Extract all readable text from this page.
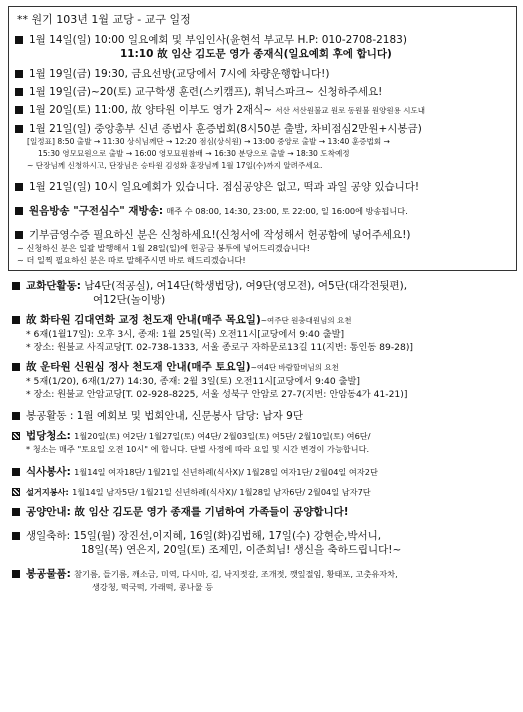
** 원기 103년 1월 교당 - 교구 일정
1월 14일(일) 10:00 일요예회 및 부임인사(윤현석 부교무 H.P: 010-2708-2183)
11:10 故 임산 김도문 영가 종재식(일요예회 후에 합니다)
1월 19일(금) 19:30, 금요선방(교당에서 7시에 차량운행합니다!)
1월 19일(금)~20(토) 교구학생 훈련(스키캠프), 휘닉스파크~ 신청하주세요!
1월 20일(토) 11:00, 故 양타원 이부도 영가 2재식~ 서산 서산원불교 원로 동원불 원양원용 시도내
1월 21일(일) 중앙총부 신년 종법사 훈증법회(8시50분 출발, 차비점심2만원+시봉금)
[일정표] 8:50 출발 → 11:30 상식님께단 → 12:20 점심(상식원) → 13:00 중앙로 출발 → 13:40 훈증법회 →
15:30 영모묘원으로 출발 → 16:00 영모묘원참배 → 16:30 분당으로 출발 → 18:30 도착예정
~ 단장님께 신청하시고, 단장님은 승타원 김성화 훈장님께 1월 17일(수)까지 알려주세요.
1월 21일(일) 10시 일요예회가 있습니다. 점심공양은 없고, 떡과 과일 공양 있습니다!
원음방송 "구전심수" 재방송: 매주 수 08:00, 14:30, 23:00, 토 22:00, 일 16:00에 방송됩니다.
기부금영수증 필요하신 분은 신청하세요!(신청서에 작성해서 헌공함에 넣어주세요!)
~ 신청하신 분은 일괄 발행해서 1월 28일(일)에 헌공금 봉투에 넣어드리겠습니다!
~ 더 일찍 필요하신 분은 따로 말해주시면 바로 해드리겠습니다!
교화단활동: 남4단(적공실), 여14단(학생법당), 여9단(영모전), 여5단(대각전뒷편),
여12단(놀이방)
故 화타원 김대연화 교정 천도재 안내(매주 목요일)~여주단 원충대원님의 요천
* 6재(1월17일): 오후 3시, 종재: 1월 25일(목) 오전11시[교당에서 9:40 출발]
* 장소: 원불교 사직교당[T. 02-738-1333, 서울 종로구 자하문로13길 11(지번: 통인동 89-28)]
故 운타원 신원심 정사 천도재 안내(매주 토요일)~여4단 바람할머님의 요천
* 5재(1/20), 6재(1/27) 14:30, 종재: 2월 3일(토) 오전11시[교당에서 9:40 출발]
* 장소: 원불교 안암교당[T. 02-928-8225, 서울 성북구 안암로 27-7(지번: 안암동4가 41-21)]
봉공활동 : 1월 예회보 및 법회안내, 신문봉사 담당: 남자 9단
법당청소: 1월20일(토) 여2단/ 1월27일(토) 여4단/ 2월03일(토) 여5단/ 2월10일(토) 여6단/
* 청소는 매주 "토요일 오전 10시" 에 합니다. 단별 사정에 따라 요일 및 시간 변경이 가능합니다.
식사봉사: 1월14일 여자18단/ 1월21일 신년하례(식사X)/ 1월28일 여자1단/ 2월04일 여자2단
설거지봉사: 1월14일 남자5단/ 1월21일 신년하례(식사X)/ 1월28일 남자6단/ 2월04일 남자7단
공양안내: 故 임산 김도문 영가 종재를 기념하여 가족들이 공양합니다!
생일축하: 15일(월) 장진선,이지혜, 16일(화)김법해, 17일(수) 강현순,박서니,
18일(목) 연은지, 20일(토) 조제민, 이준희님! 생신을 축하드립니다!~
봉공물품: 참기름, 들기름, 깨소금, 미역, 다시마, 김, 낙지젓갈, 조개젓, 깻잎절임, 황태포, 고춧유자차,
생강청, 떡국떡, 가래떡, 콩나물 등
